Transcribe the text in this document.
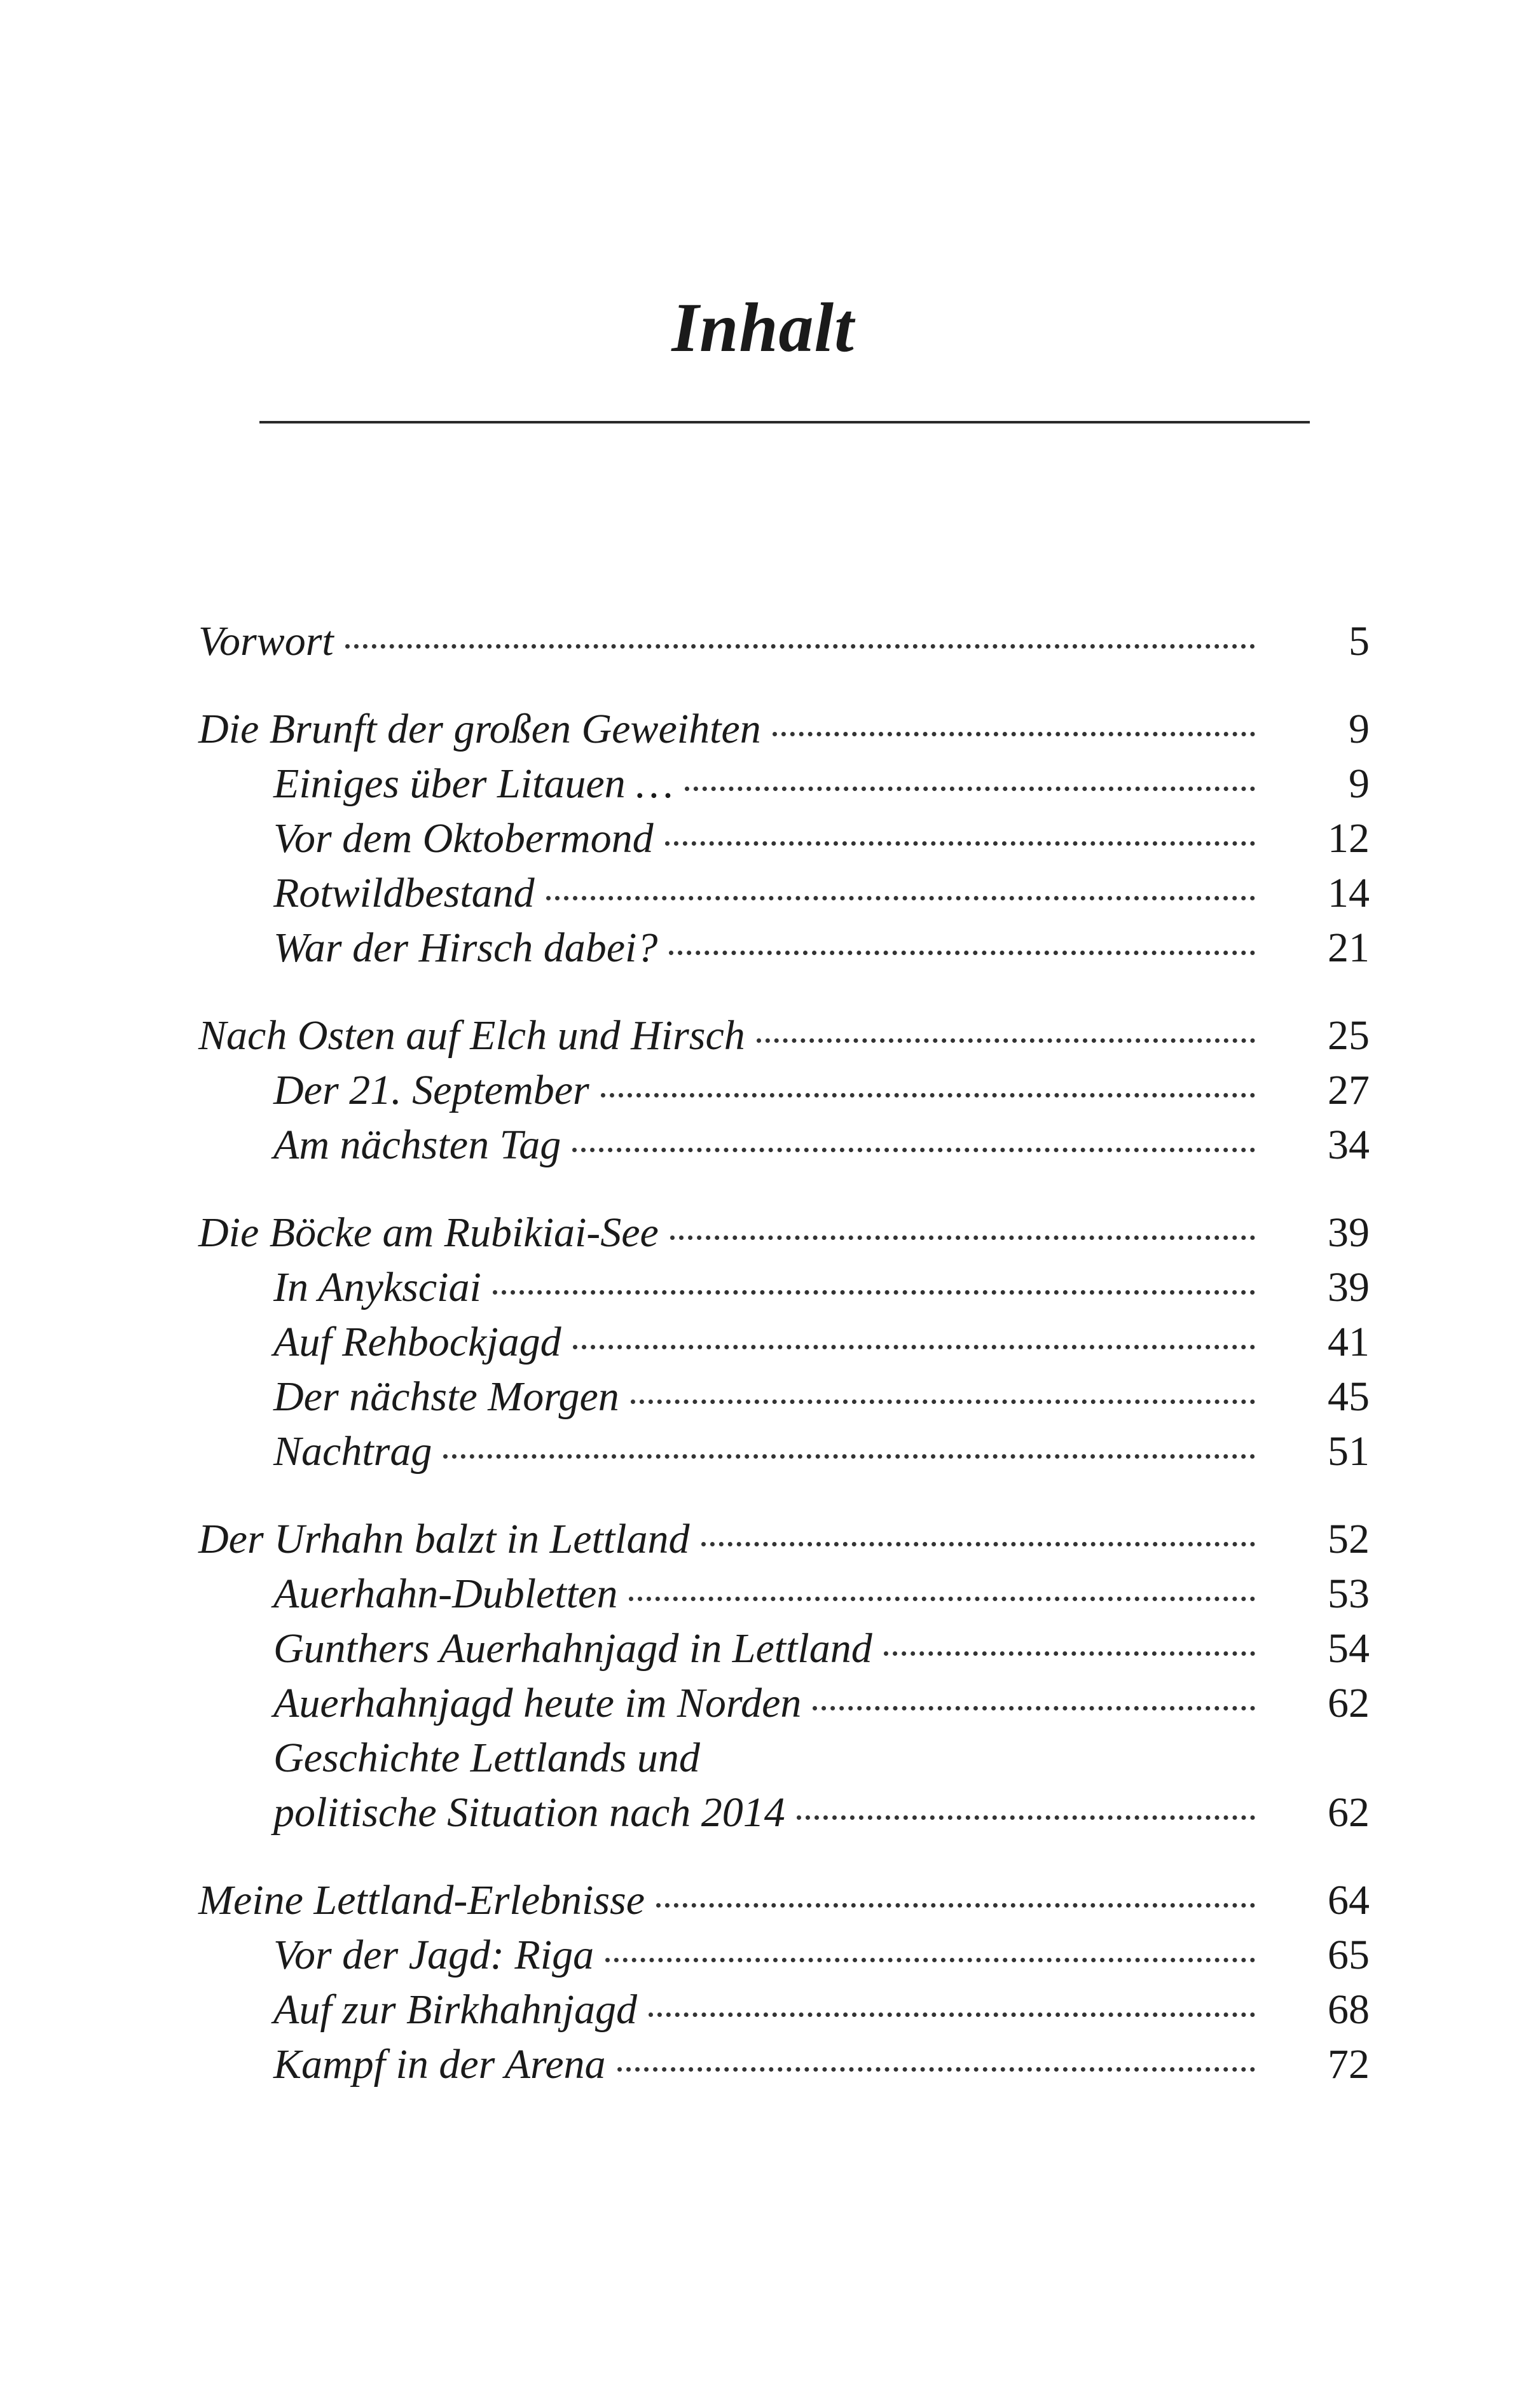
Inhalt
Vorwort	5
Die Brunft der großen Geweihten	9
Einiges über Litauen …	9
Vor dem Oktobermond	12
Rotwildbestand	14
War der Hirsch dabei?	21
Nach Osten auf Elch und Hirsch	25
Der 21. September	27
Am nächsten Tag	34
Die Böcke am Rubikiai-See	39
In Anyksciai	39
Auf Rehbockjagd	41
Der nächste Morgen	45
Nachtrag	51
Der Urhahn balzt in Lettland	52
Auerhahn-Dubletten	53
Gunthers Auerhahnjagd in Lettland	54
Auerhahnjagd heute im Norden	62
Geschichte Lettlands und
politische Situation nach 2014	62
Meine Lettland-Erlebnisse	64
Vor der Jagd: Riga	65
Auf zur Birkhahnjagd	68
Kampf in der Arena	72
